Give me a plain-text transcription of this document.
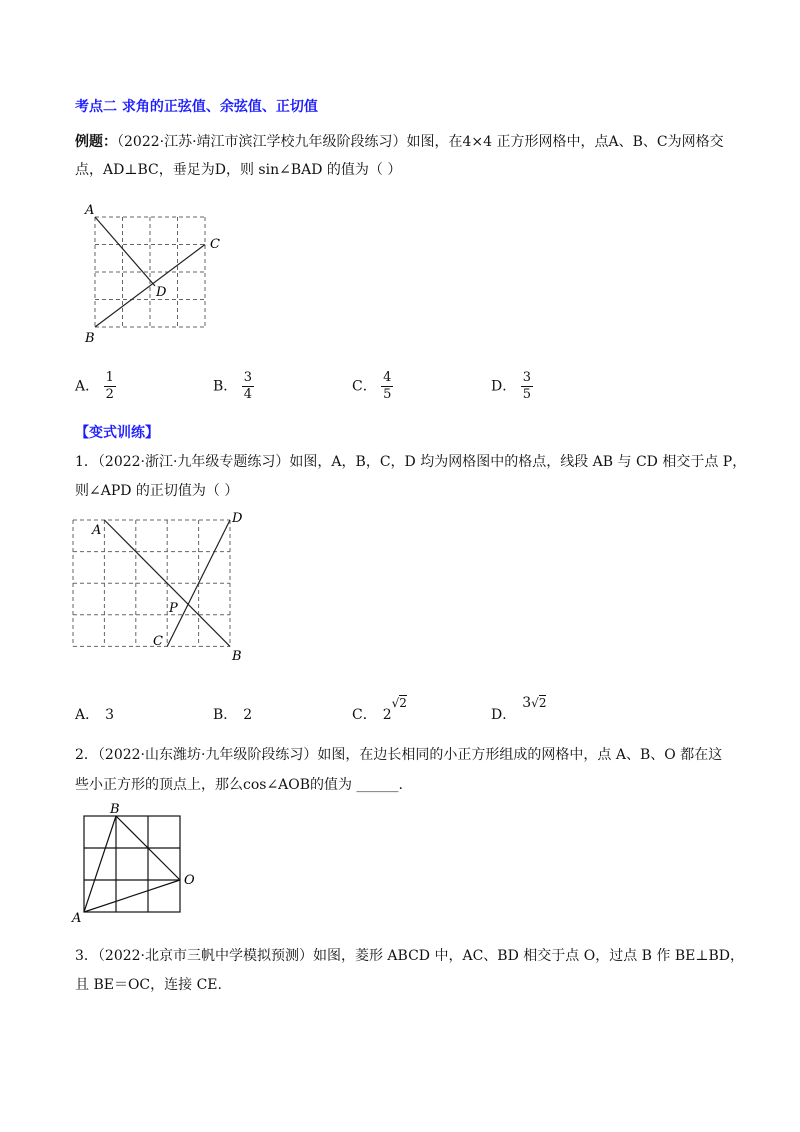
考点二 求角的正弦值、余弦值、正切值
例题：（2022·江苏·靖江市滨江学校九年级阶段练习）如图，在4×4 正方形网格中，点A、B、C为网格交
点，AD⊥BC，垂足为D，则 sin∠BAD 的值为（ ）
A
B
C
D
A． $\frac{1}{2}$	B． $\frac{3}{4}$	C． $\frac{4}{5}$	D． $\frac{3}{5}$
【变式训练】
1．（2022·浙江·九年级专题练习）如图，A，B，C，D 均为网格图中的格点，线段 AB 与 CD 相交于点 P，
则∠APD 的正切值为（ ）
A
B
C
D
P
A． 3	B． 2	C． 2√2
D．3√2
2．（2022·山东潍坊·九年级阶段练习）如图，在边长相同的小正方形组成的网格中，点 A、B、O 都在这
些小正方形的顶点上，那么cos∠AOB的值为 ______.
A
B
O
3．（2022·北京市三帆中学模拟预测）如图，菱形 ABCD 中，AC、BD 相交于点 O，过点 B 作 BE⊥BD，
且 BE＝OC，连接 CE.
